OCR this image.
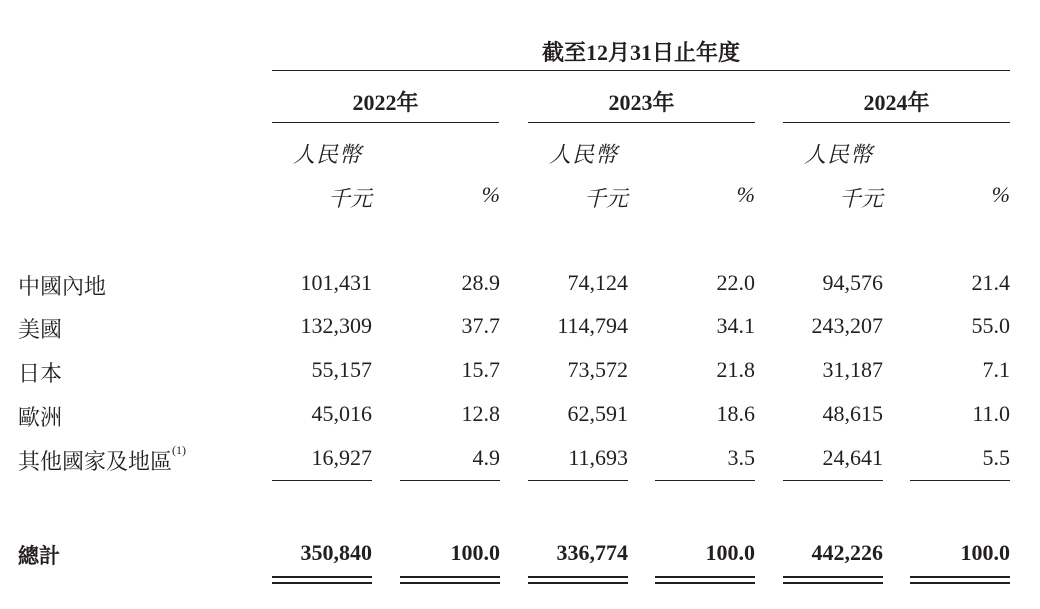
截至12月31日止年度
2022年	2023年	2024年
人民幣	人民幣	人民幣
千元	%	千元	%	千元	%
中國內地	101,431	28.9	74,124	22.0	94,576	21.4
美國	132,309	37.7	114,794	34.1	243,207	55.0
日本	55,157	15.7	73,572	21.8	31,187	7.1
歐洲	45,016	12.8	62,591	18.6	48,615	11.0
其他國家及地區$^{(1)}$	16,927	4.9	11,693	3.5	24,641	5.5
總計	350,840	100.0	336,774	100.0	442,226	100.0
